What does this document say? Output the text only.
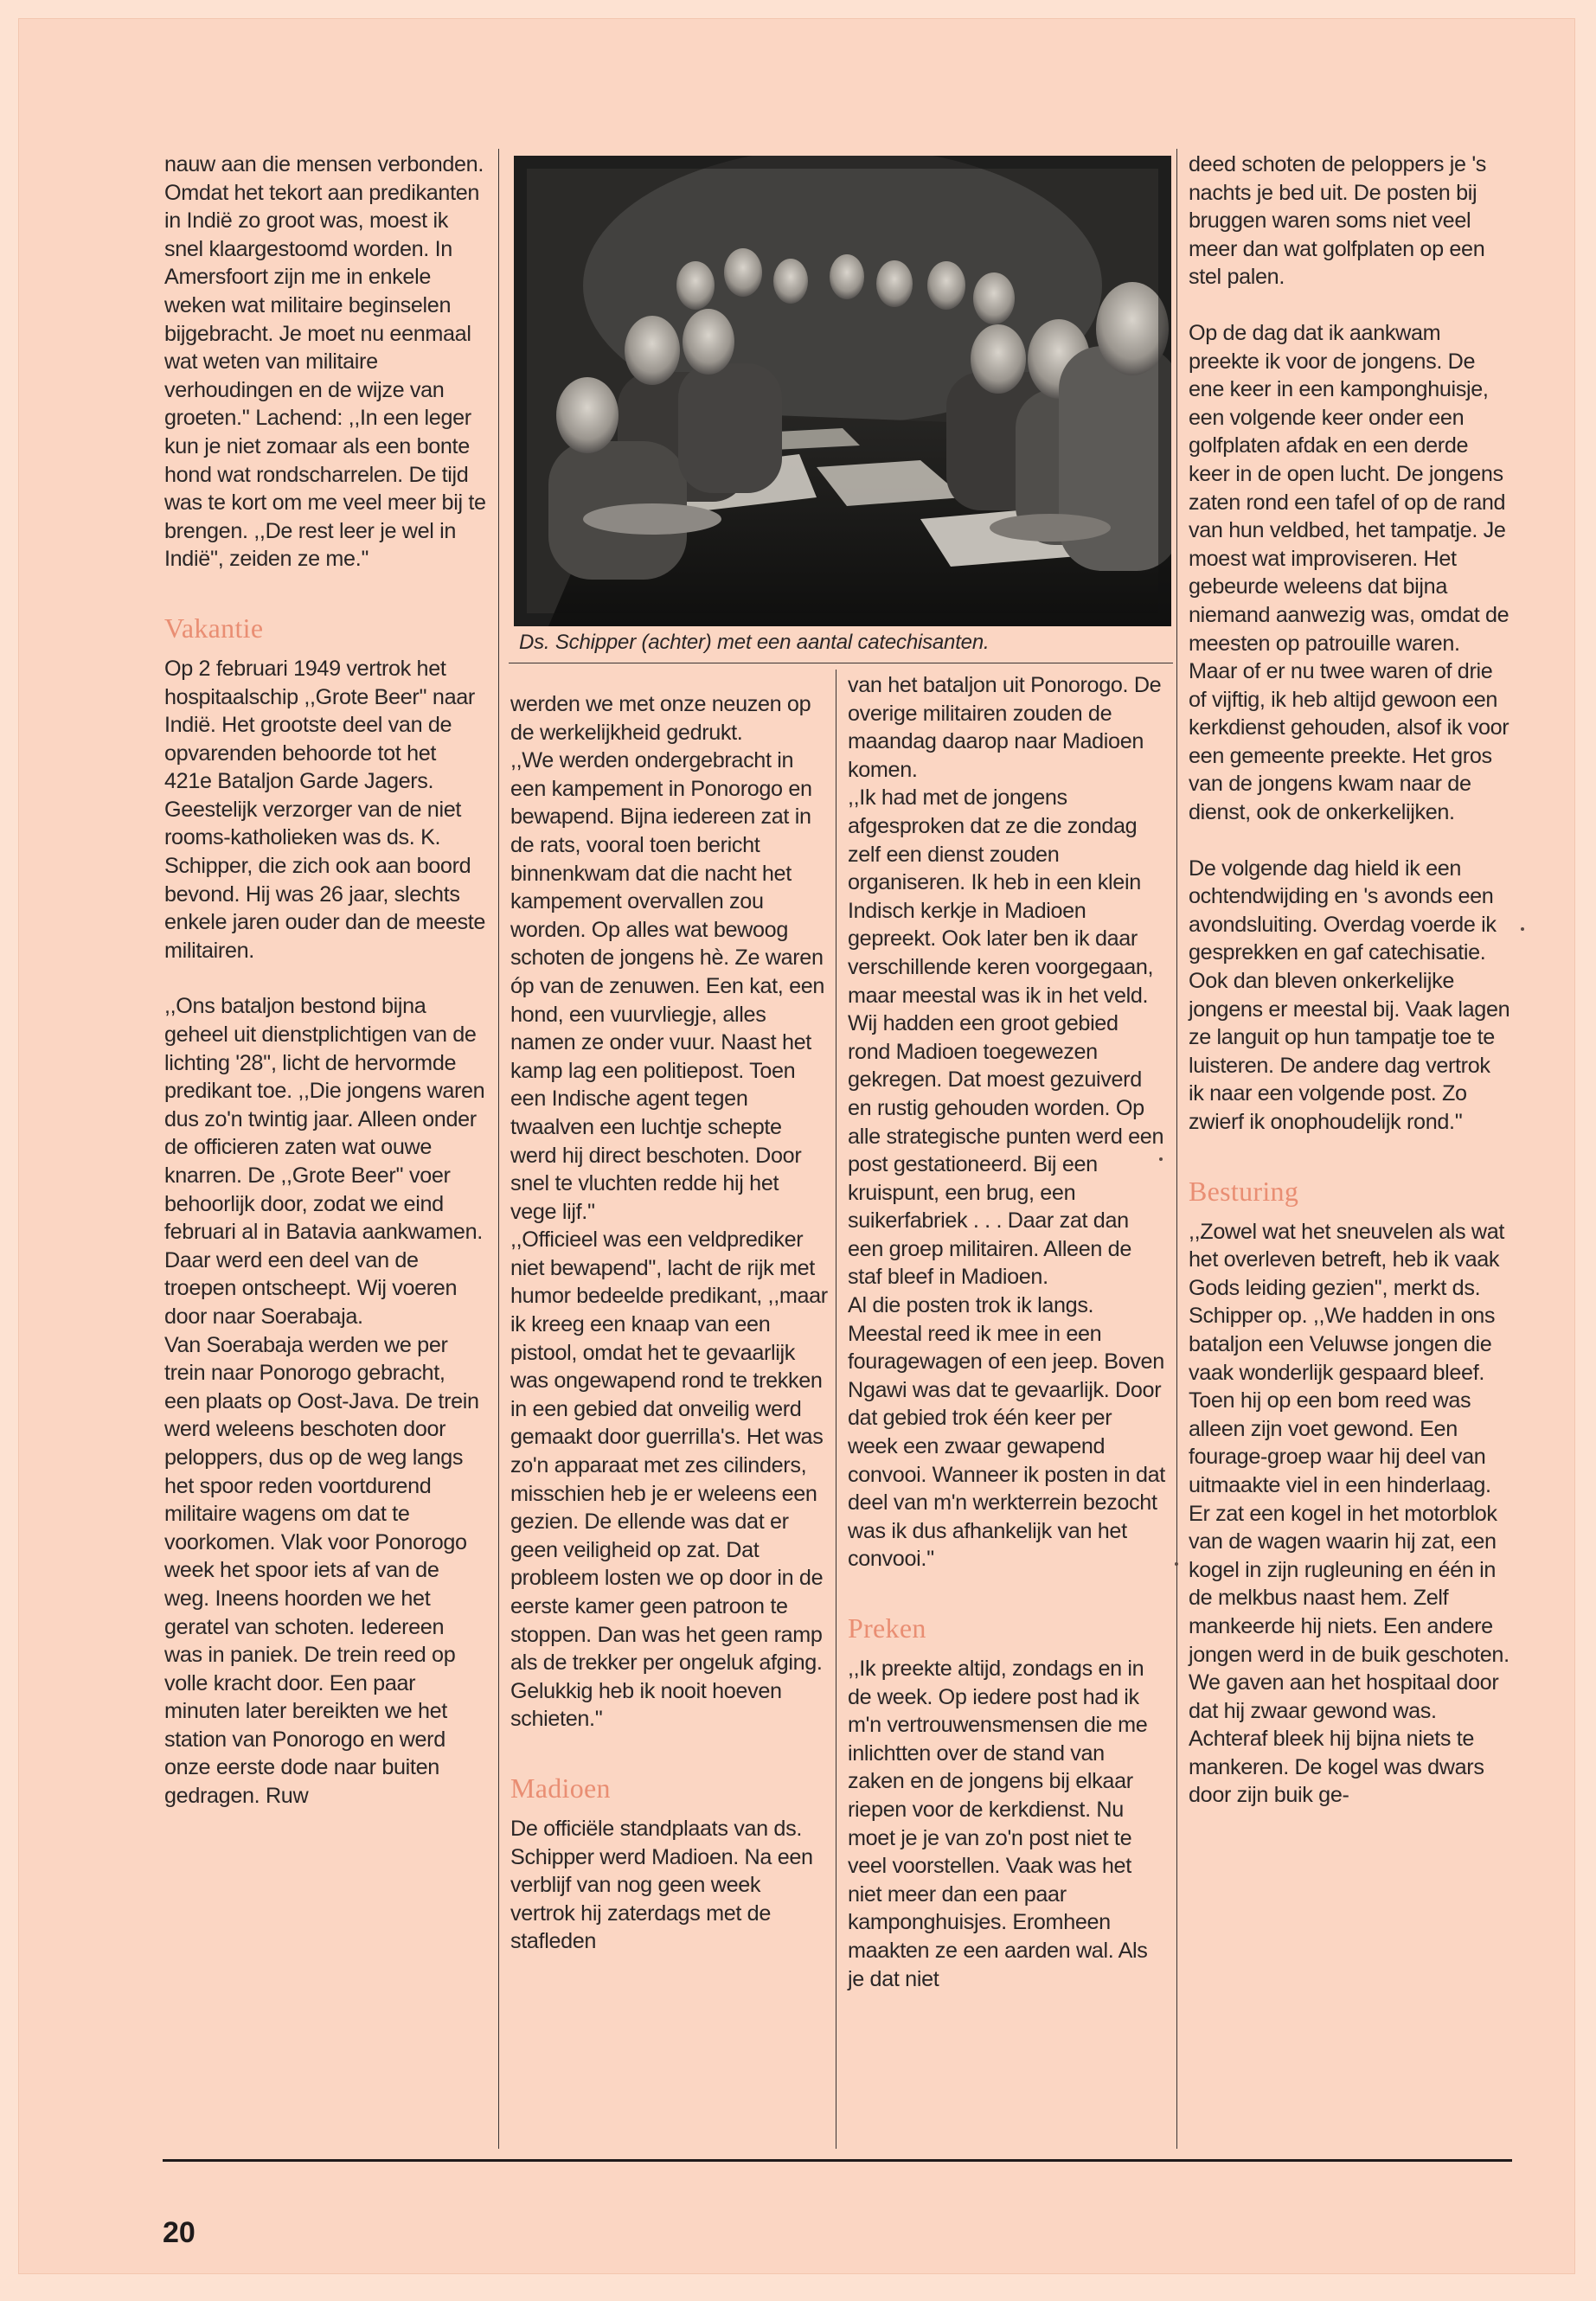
nauw aan die mensen verbonden.

Omdat het tekort aan predikanten in Indië zo groot was, moest ik snel klaargestoomd worden. In Amersfoort zijn me in enkele weken wat militaire beginselen bijgebracht. Je moet nu eenmaal wat weten van militaire verhoudingen en de wijze van groeten.'' Lachend: ,,In een leger kun je niet zomaar als een bonte hond wat rondscharrelen. De tijd was te kort om me veel meer bij te brengen. ,,De rest leer je wel in Indië'', zeiden ze me.''

Vakantie

Op 2 februari 1949 vertrok het hospitaalschip ,,Grote Beer'' naar Indië. Het grootste deel van de opvarenden behoorde tot het 421e Bataljon Garde Jagers. Geestelijk verzorger van de niet rooms-katholieken was ds. K. Schipper, die zich ook aan boord bevond. Hij was 26 jaar, slechts enkele jaren ouder dan de meeste militairen.

,,Ons bataljon bestond bijna geheel uit dienstplichtigen van de lichting '28'', licht de hervormde predikant toe. ,,Die jongens waren dus zo'n twintig jaar. Alleen onder de officieren zaten wat ouwe knarren. De ,,Grote Beer'' voer behoorlijk door, zodat we eind februari al in Batavia aankwamen. Daar werd een deel van de troepen ontscheept. Wij voeren door naar Soerabaja.

Van Soerabaja werden we per trein naar Ponorogo gebracht, een plaats op Oost-Java. De trein werd weleens beschoten door peloppers, dus op de weg langs het spoor reden voortdurend militaire wagens om dat te voorkomen. Vlak voor Ponorogo week het spoor iets af van de weg. Ineens hoorden we het geratel van schoten. Iedereen was in paniek. De trein reed op volle kracht door. Een paar minuten later bereikten we het station van Ponorogo en werd onze eerste dode naar buiten gedragen. Ruw

Ds. Schipper (achter) met een aantal catechisanten.

werden we met onze neuzen op de werkelijkheid gedrukt.

,,We werden ondergebracht in een kampement in Ponorogo en bewapend. Bijna iedereen zat in de rats, vooral toen bericht binnenkwam dat die nacht het kampement overvallen zou worden. Op alles wat bewoog schoten de jongens hè. Ze waren óp van de zenuwen. Een kat, een hond, een vuurvliegje, alles namen ze onder vuur. Naast het kamp lag een politiepost. Toen een Indische agent tegen twaalven een luchtje schepte werd hij direct beschoten. Door snel te vluchten redde hij het vege lijf.''

,,Officieel was een veldprediker niet bewapend'', lacht de rijk met humor bedeelde predikant, ,,maar ik kreeg een knaap van een pistool, omdat het te gevaarlijk was ongewapend rond te trekken in een gebied dat onveilig werd gemaakt door guerrilla's. Het was zo'n apparaat met zes cilinders, misschien heb je er weleens een gezien. De ellende was dat er geen veiligheid op zat. Dat probleem losten we op door in de eerste kamer geen patroon te stoppen. Dan was het geen ramp als de trekker per ongeluk afging. Gelukkig heb ik nooit hoeven schieten.''

Madioen

De officiële standplaats van ds. Schipper werd Madioen. Na een verblijf van nog geen week vertrok hij zaterdags met de stafleden

van het bataljon uit Ponorogo. De overige militairen zouden de maandag daarop naar Madioen komen.

,,Ik had met de jongens afgesproken dat ze die zondag zelf een dienst zouden organiseren. Ik heb in een klein Indisch kerkje in Madioen gepreekt. Ook later ben ik daar verschillende keren voorgegaan, maar meestal was ik in het veld. Wij hadden een groot gebied rond Madioen toegewezen gekregen. Dat moest gezuiverd en rustig gehouden worden. Op alle strategische punten werd een post gestationeerd. Bij een kruispunt, een brug, een suikerfabriek . . . Daar zat dan een groep militairen. Alleen de staf bleef in Madioen.

Al die posten trok ik langs. Meestal reed ik mee in een fouragewagen of een jeep. Boven Ngawi was dat te gevaarlijk. Door dat gebied trok één keer per week een zwaar gewapend convooi. Wanneer ik posten in dat deel van m'n werkterrein bezocht was ik dus afhankelijk van het convooi.''

Preken

,,Ik preekte altijd, zondags en in de week. Op iedere post had ik m'n vertrouwensmensen die me inlichtten over de stand van zaken en de jongens bij elkaar riepen voor de kerkdienst. Nu moet je je van zo'n post niet te veel voorstellen. Vaak was het niet meer dan een paar kamponghuisjes. Eromheen maakten ze een aarden wal. Als je dat niet

deed schoten de peloppers je 's nachts je bed uit. De posten bij bruggen waren soms niet veel meer dan wat golfplaten op een stel palen.

Op de dag dat ik aankwam preekte ik voor de jongens. De ene keer in een kamponghuisje, een volgende keer onder een golfplaten afdak en een derde keer in de open lucht. De jongens zaten rond een tafel of op de rand van hun veldbed, het tampatje. Je moest wat improviseren. Het gebeurde weleens dat bijna niemand aanwezig was, omdat de meesten op patrouille waren. Maar of er nu twee waren of drie of vijftig, ik heb altijd gewoon een kerkdienst gehouden, alsof ik voor een gemeente preekte. Het gros van de jongens kwam naar de dienst, ook de onkerkelijken.

De volgende dag hield ik een ochtendwijding en 's avonds een avondsluiting. Overdag voerde ik gesprekken en gaf catechisatie. Ook dan bleven onkerkelijke jongens er meestal bij. Vaak lagen ze languit op hun tampatje toe te luisteren. De andere dag vertrok ik naar een volgende post. Zo zwierf ik onophoudelijk rond.''

Besturing

,,Zowel wat het sneuvelen als wat het overleven betreft, heb ik vaak Gods leiding gezien'', merkt ds. Schipper op. ,,We hadden in ons bataljon een Veluwse jongen die vaak wonderlijk gespaard bleef. Toen hij op een bom reed was alleen zijn voet gewond. Een fourage-groep waar hij deel van uitmaakte viel in een hinderlaag. Er zat een kogel in het motorblok van de wagen waarin hij zat, een kogel in zijn rugleuning en één in de melkbus naast hem. Zelf mankeerde hij niets. Een andere jongen werd in de buik geschoten. We gaven aan het hospitaal door dat hij zwaar gewond was. Achteraf bleek hij bijna niets te mankeren. De kogel was dwars door zijn buik ge-

20
